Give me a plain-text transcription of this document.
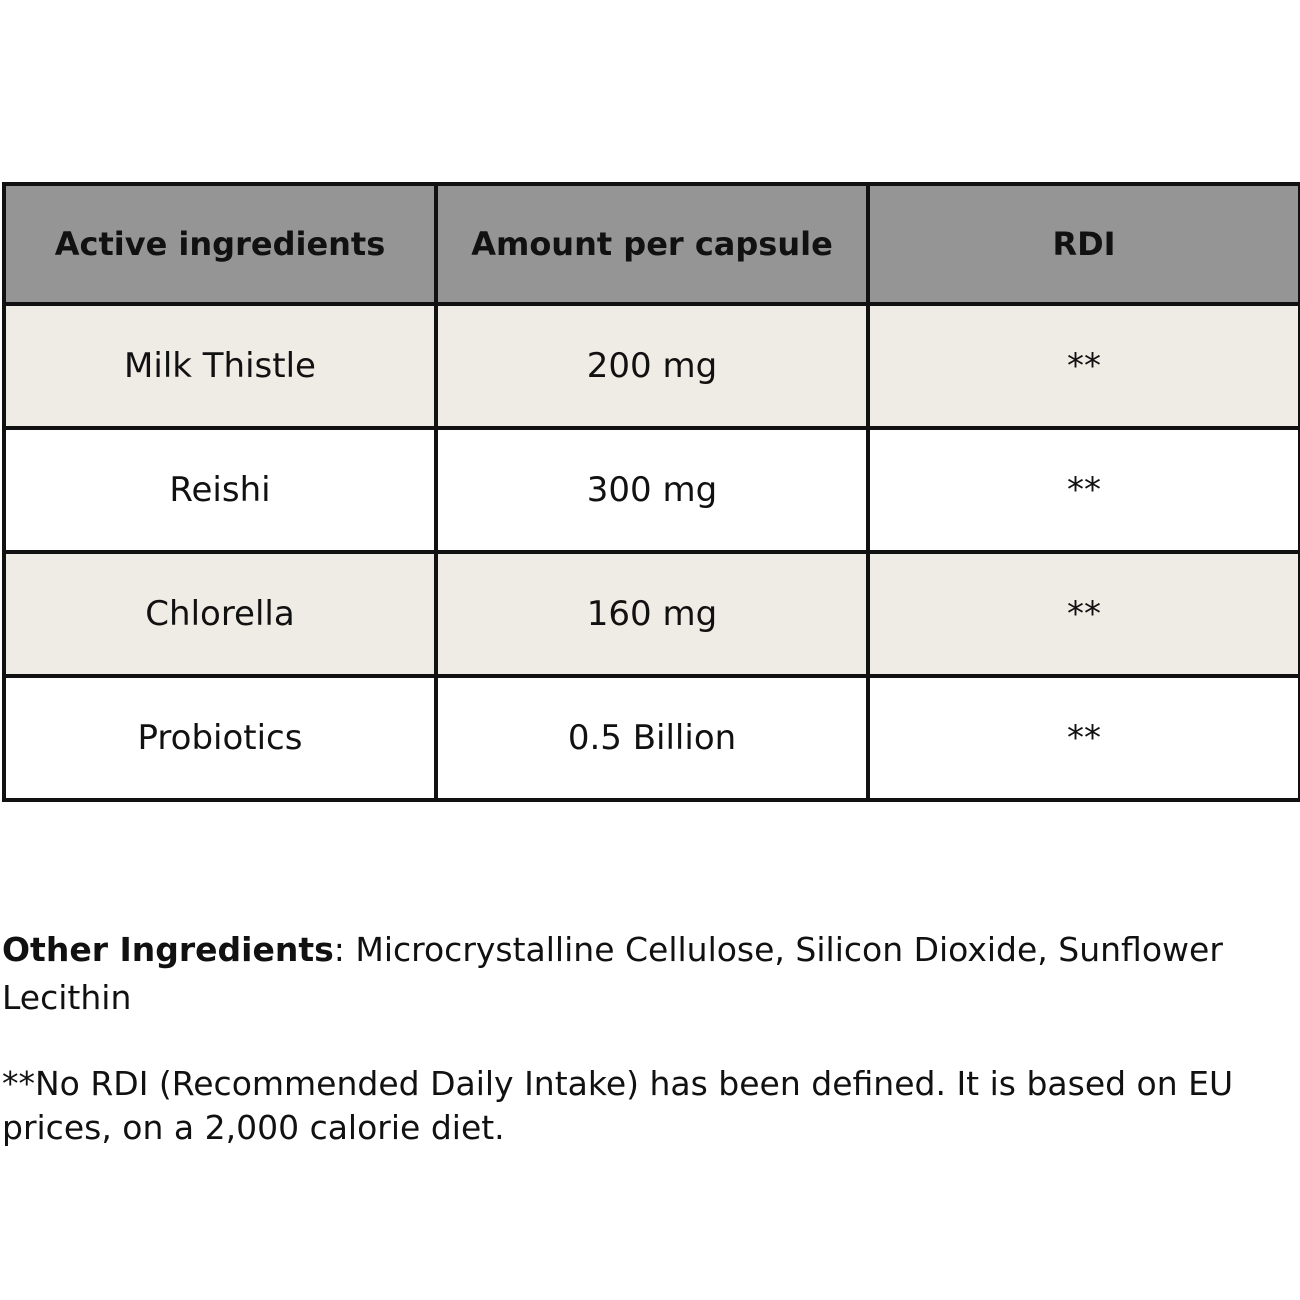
Active ingredients	Amount per capsule	RDI
Milk Thistle	200 mg	**
Reishi	300 mg	**
Chlorella	160 mg	**
Probiotics	0.5 Billion	**

Other Ingredients: Microcrystalline Cellulose, Silicon Dioxide, Sunflower Lecithin

**No RDI (Recommended Daily Intake) has been defined. It is based on EU prices, on a 2,000 calorie diet.
